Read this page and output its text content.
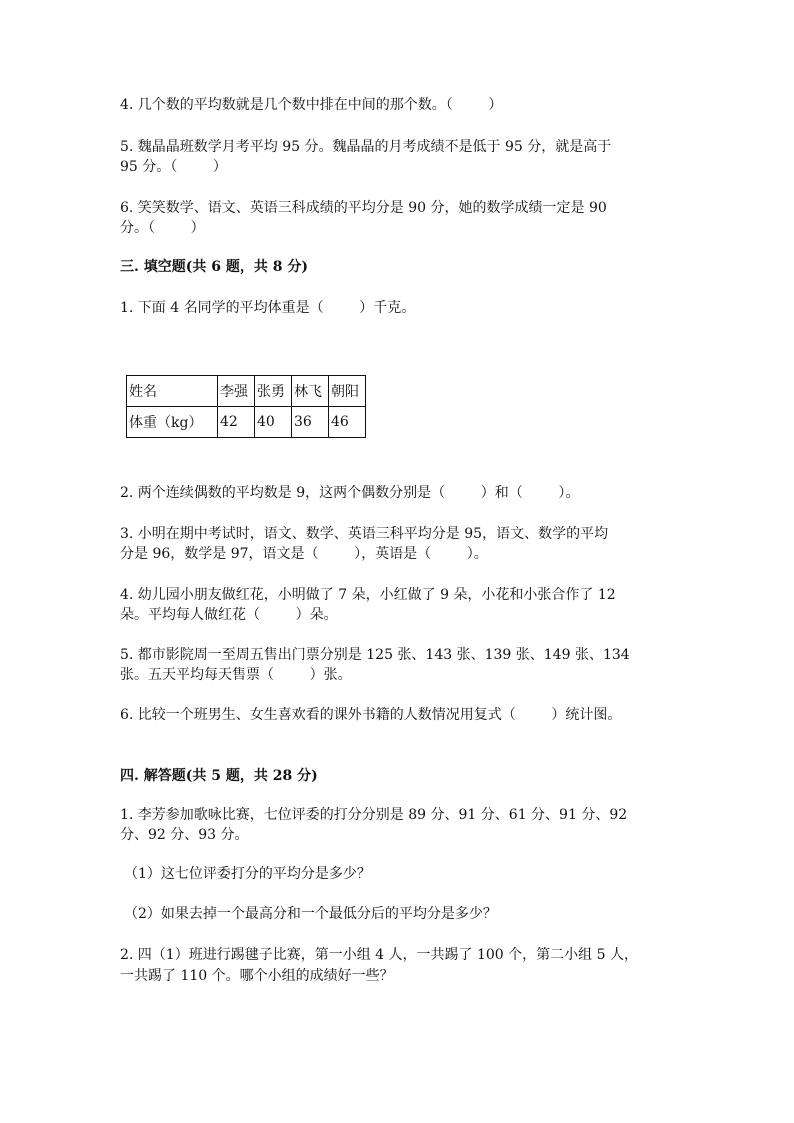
4. 几个数的平均数就是几个数中排在中间的那个数。（        ）
5. 魏晶晶班数学月考平均 95 分。魏晶晶的月考成绩不是低于 95 分，就是高于
95 分。（        ）
6. 笑笑数学、语文、英语三科成绩的平均分是 90 分，她的数学成绩一定是 90
分。（        ）
三. 填空题(共 6 题，共 8 分)
1. 下面 4 名同学的平均体重是（        ）千克。
姓名	李强	张勇	林飞	朝阳
体重（kg）	42	40	36	46
2. 两个连续偶数的平均数是 9，这两个偶数分别是（        ）和（        ）。
3. 小明在期中考试时，语文、数学、英语三科平均分是 95，语文、数学的平均
分是 96，数学是 97，语文是（        ），英语是（        ）。
4. 幼儿园小朋友做红花，小明做了 7 朵，小红做了 9 朵，小花和小张合作了 12
朵。平均每人做红花（        ）朵。
5. 都市影院周一至周五售出门票分别是 125 张、143 张、139 张、149 张、134
张。五天平均每天售票（        ）张。
6. 比较一个班男生、女生喜欢看的课外书籍的人数情况用复式（        ）统计图。
四. 解答题(共 5 题，共 28 分)
1. 李芳参加歌咏比赛，七位评委的打分分别是 89 分、91 分、61 分、91 分、92
分、92 分、93 分。
（1）这七位评委打分的平均分是多少？
（2）如果去掉一个最高分和一个最低分后的平均分是多少？
2. 四（1）班进行踢毽子比赛，第一小组 4 人，一共踢了 100 个，第二小组 5 人，
一共踢了 110 个。哪个小组的成绩好一些？
